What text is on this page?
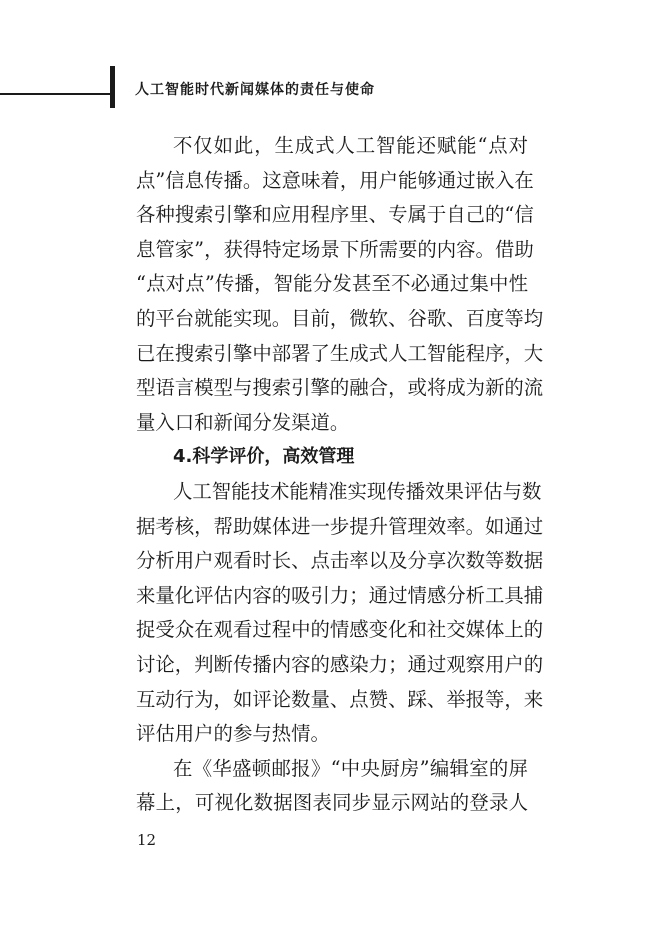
人工智能时代新闻媒体的责任与使命
不仅如此，生成式人工智能还赋能“点对
点”信息传播。这意味着，用户能够通过嵌入在
各种搜索引擎和应用程序里、专属于自己的“信
息管家”，获得特定场景下所需要的内容。借助
“点对点”传播，智能分发甚至不必通过集中性
的平台就能实现。目前，微软、谷歌、百度等均
已在搜索引擎中部署了生成式人工智能程序，大
型语言模型与搜索引擎的融合，或将成为新的流
量入口和新闻分发渠道。
4.科学评价，高效管理
人工智能技术能精准实现传播效果评估与数
据考核，帮助媒体进一步提升管理效率。如通过
分析用户观看时长、点击率以及分享次数等数据
来量化评估内容的吸引力；通过情感分析工具捕
捉受众在观看过程中的情感变化和社交媒体上的
讨论，判断传播内容的感染力；通过观察用户的
互动行为，如评论数量、点赞、踩、举报等，来
评估用户的参与热情。
在《华盛顿邮报》“中央厨房”编辑室的屏
幕上，可视化数据图表同步显示网站的登录人
12
